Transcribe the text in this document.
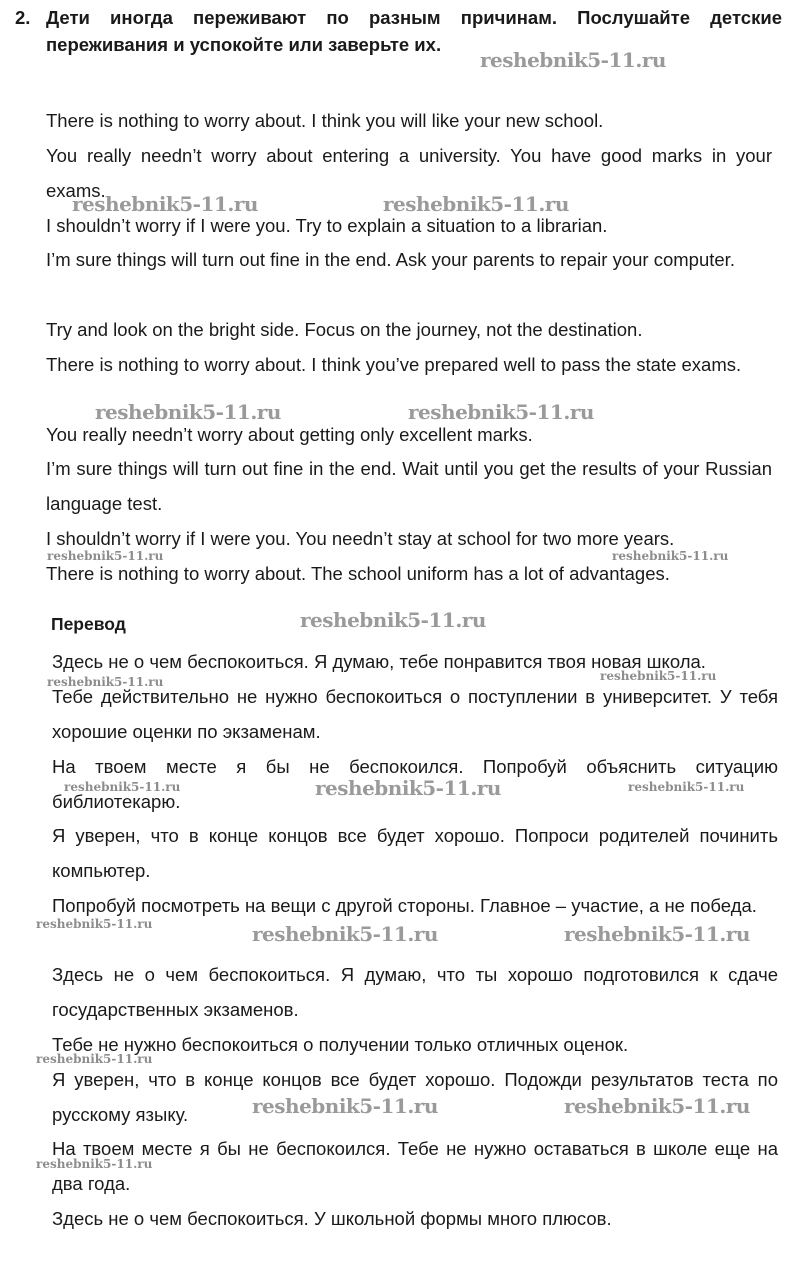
2. Дети иногда переживают по разным причинам. Послушайте детские переживания и успокойте или заверьте их.
There is nothing to worry about. I think you will like your new school.
You really needn’t worry about entering a university. You have good marks in your exams.
I shouldn’t worry if I were you. Try to explain a situation to a librarian.
I’m sure things will turn out fine in the end. Ask your parents to repair your computer.
Try and look on the bright side. Focus on the journey, not the destination.
There is nothing to worry about. I think you’ve prepared well to pass the state exams.
You really needn’t worry about getting only excellent marks.
I’m sure things will turn out fine in the end. Wait until you get the results of your Russian language test.
I shouldn’t worry if I were you. You needn’t stay at school for two more years.
There is nothing to worry about. The school uniform has a lot of advantages.
Перевод
Здесь не о чем беспокоиться. Я думаю, тебе понравится твоя новая школа.
Тебе действительно не нужно беспокоиться о поступлении в университет. У тебя хорошие оценки по экзаменам.
На твоем месте я бы не беспокоился. Попробуй объяснить ситуацию библиотекарю.
Я уверен, что в конце концов все будет хорошо. Попроси родителей починить компьютер.
Попробуй посмотреть на вещи с другой стороны. Главное – участие, а не победа.
Здесь не о чем беспокоиться. Я думаю, что ты хорошо подготовился к сдаче государственных экзаменов.
Тебе не нужно беспокоиться о получении только отличных оценок.
Я уверен, что в конце концов все будет хорошо. Подожди результатов теста по русскому языку.
На твоем месте я бы не беспокоился. Тебе не нужно оставаться в школе еще на два года.
Здесь не о чем беспокоиться. У школьной формы много плюсов.
reshebnik5-11.ru
reshebnik5-11.ru	reshebnik5-11.ru
reshebnik5-11.ru	reshebnik5-11.ru
reshebnik5-11.ru	reshebnik5-11.ru
reshebnik5-11.ru
reshebnik5-11.ru	reshebnik5-11.ru
reshebnik5-11.ru	reshebnik5-11.ru	reshebnik5-11.ru
reshebnik5-11.ru	reshebnik5-11.ru	reshebnik5-11.ru
reshebnik5-11.ru
reshebnik5-11.ru	reshebnik5-11.ru
reshebnik5-11.ru
